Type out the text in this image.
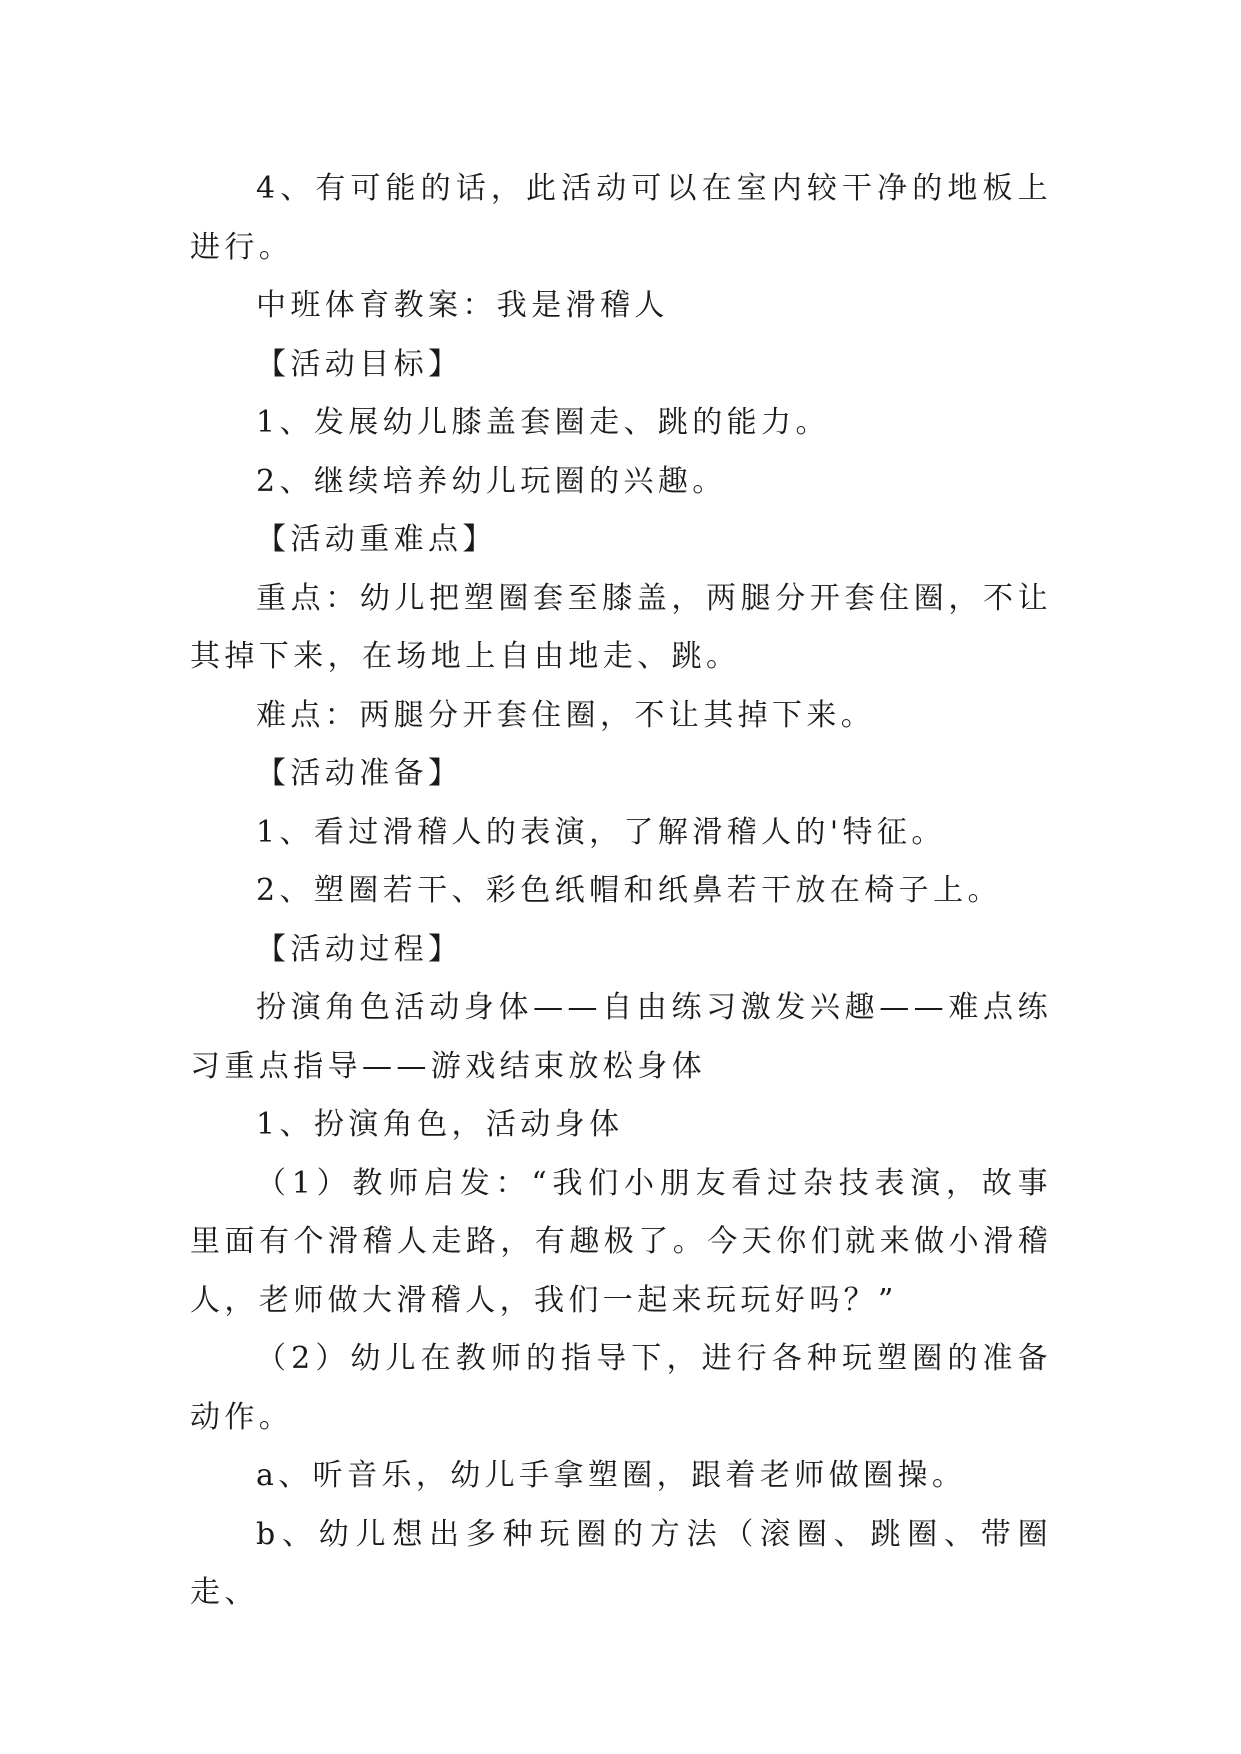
4、有可能的话，此活动可以在室内较干净的地板上进行。

中班体育教案：我是滑稽人

【活动目标】

1、发展幼儿膝盖套圈走、跳的能力。

2、继续培养幼儿玩圈的兴趣。

【活动重难点】

重点：幼儿把塑圈套至膝盖，两腿分开套住圈，不让其掉下来，在场地上自由地走、跳。

难点：两腿分开套住圈，不让其掉下来。

【活动准备】

1、看过滑稽人的表演，了解滑稽人的'特征。

2、塑圈若干、彩色纸帽和纸鼻若干放在椅子上。

【活动过程】

扮演角色活动身体——自由练习激发兴趣——难点练习重点指导——游戏结束放松身体

1、扮演角色，活动身体

（1）教师启发：“我们小朋友看过杂技表演，故事里面有个滑稽人走路，有趣极了。今天你们就来做小滑稽人，老师做大滑稽人，我们一起来玩玩好吗？”

（2）幼儿在教师的指导下，进行各种玩塑圈的准备动作。

a、听音乐，幼儿手拿塑圈，跟着老师做圈操。

b、幼儿想出多种玩圈的方法（滚圈、跳圈、带圈走、
